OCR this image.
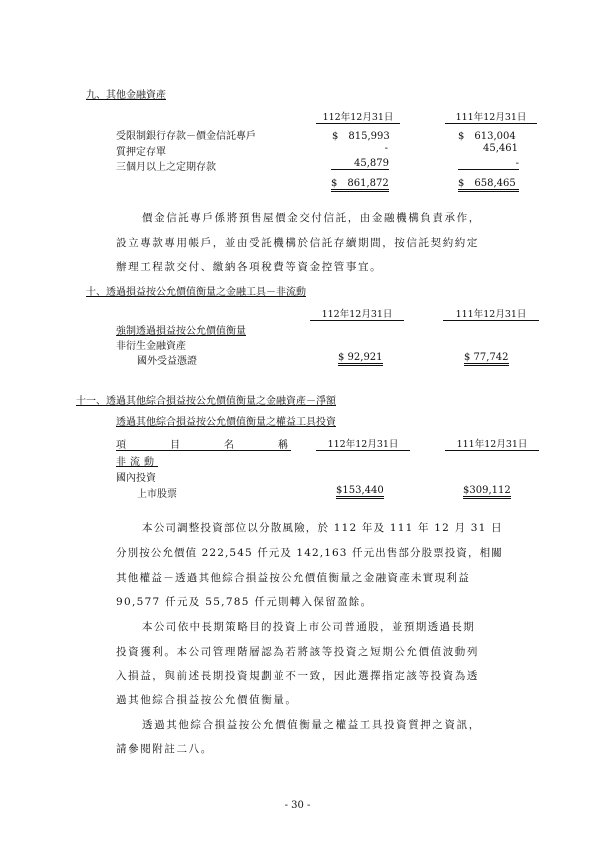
九、其他金融資產
112年12月31日	111年12月31日
受限制銀行存款－價金信託專戶	$　815,993	$　613,004
質押定存單	-	45,461
三個月以上之定期存款	45,879	-
$　861,872	$　658,465
價金信託專戶係將預售屋價金交付信託，由金融機構負責承作，
設立專款專用帳戶，並由受託機構於信託存續期間，按信託契約約定
辦理工程款交付、繳納各項稅費等資金控管事宜。
十、透過損益按公允價值衡量之金融工具－非流動
112年12月31日	111年12月31日
強制透過損益按公允價值衡量
非衍生金融資產
國外受益憑證	$ 92,921	$ 77,742
十一、透過其他綜合損益按公允價值衡量之金融資產－淨額
透過其他綜合損益按公允價值衡量之權益工具投資
項	目	名	稱	112年12月31日	111年12月31日
非流動
國內投資
上市股票	$153,440	$309,112
本公司調整投資部位以分散風險，於 112 年及 111 年 12 月 31 日
分別按公允價值 222,545 仟元及 142,163 仟元出售部分股票投資，相關
其他權益－透過其他綜合損益按公允價值衡量之金融資產未實現利益
90,577 仟元及 55,785 仟元則轉入保留盈餘。
本公司依中長期策略目的投資上市公司普通股，並預期透過長期
投資獲利。本公司管理階層認為若將該等投資之短期公允價值波動列
入損益，與前述長期投資規劃並不一致，因此選擇指定該等投資為透
過其他綜合損益按公允價值衡量。
透過其他綜合損益按公允價值衡量之權益工具投資質押之資訊，
請參閱附註二八。
- 30 -
